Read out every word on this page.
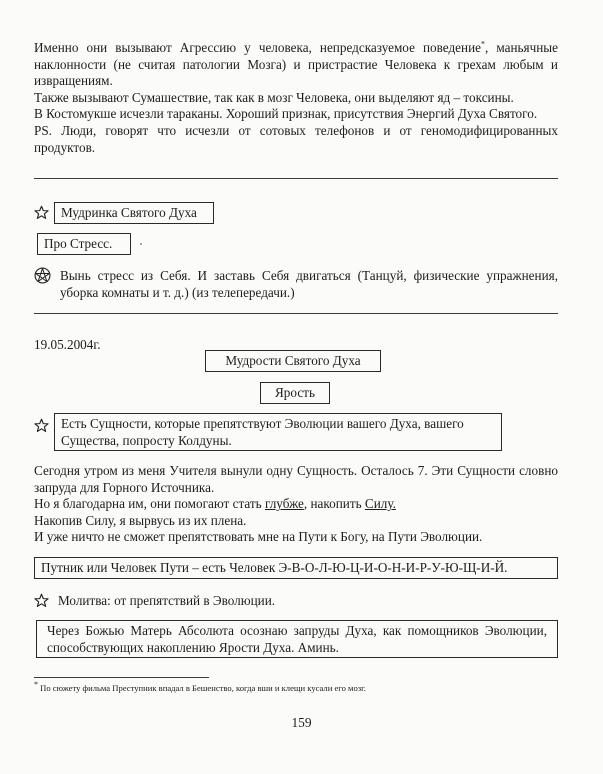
Именно они вызывают Агрессию у человека, непредсказуемое поведение*, маньячные наклонности (не считая патологии Мозга) и пристрастие Человека к грехам любым и извращениям.

Также вызывают Сумашествие, так как в мозг Человека, они выделяют яд – токсины.

В Костомукше исчезли тараканы. Хороший признак, присутствия Энергий Духа Святого.

PS. Люди, говорят что исчезли от сотовых телефонов и от геномодифицированных продуктов.

Мудринка Святого Духа
Про Стресс.
Вынь стресс из Себя. И заставь Себя двигаться (Танцуй, физические упражнения, уборка комнаты и т. д.) (из телепередачи.)
19.05.2004г.
Мудрости Святого Духа
Ярость
Есть Сущности, которые препятствуют Эволюции вашего Духа, вашего Существа, попросту Колдуны.

Сегодня утром из меня Учителя вынули одну Сущность. Осталось 7. Эти Сущности словно запруда для Горного Источника.

Но я благодарна им, они помогают стать глубже, накопить Силу.

Накопив Силу, я вырвусь из их плена.

И уже ничто не сможет препятствовать мне на Пути к Богу, на Пути Эволюции.

Путник или Человек Пути – есть Человек Э-В-О-Л-Ю-Ц-И-О-Н-И-Р-У-Ю-Щ-И-Й.
Молитва: от препятствий в Эволюции.
Через Божью Матерь Абсолюта осознаю запруды Духа, как помощников Эволюции, способствующих накоплению Ярости Духа. Аминь.
* По сюжету фильма Преступник впадал в Бешенство, когда вши и клещи кусали его мозг.
159
